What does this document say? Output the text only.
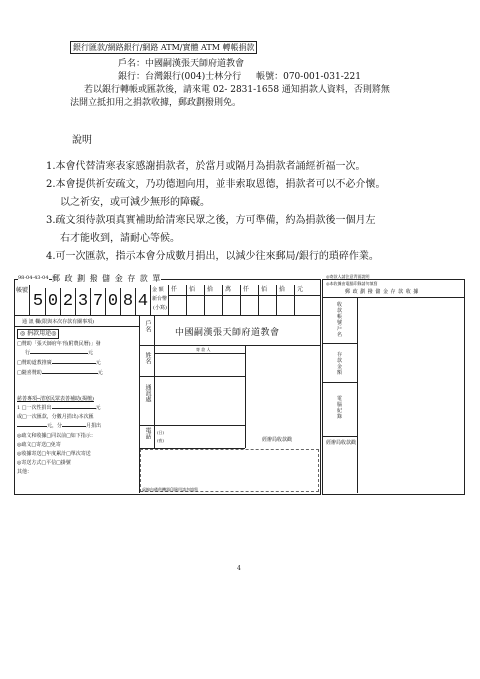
銀行匯款/網路銀行/網路 ATM/實體 ATM 轉帳捐款
戶名：中國嗣漢張天師府道教會
銀行：台灣銀行(004)士林分行 帳號：070-001-031-221
若以銀行轉帳或匯款後，請來電 02- 2831-1658 通知捐款人資料，否則將無
法開立抵扣用之捐款收據，郵政劃撥則免。
說明
1.本會代替清寒表家感謝捐款者，於當月或隔月為捐款者誦經祈福一次。
2.本會提供祈安疏文，乃功德迴向用，並非索取恩德，捐款者可以不必介懷。
以之祈安，或可減少無形的障礙。
3.疏文須待款項真實補助給清寒民眾之後，方可準備，約為捐款後一個月左
右才能收到，請耐心等候。
4.可一次匯款，指示本會分成數月捐出，以減少往來郵局/銀行的瑣碎作業。
98-04-43-04 郵 政 劃 撥 儲 金 存 款 單
帳號
5 0 2 3 7 0 8 4
金 額
新台幣
(小寫)
仟 佰 拾 萬 仟 佰 拾 元
通 訊 欄(限與本次存款有關事項)
◎ 捐款用途◎
□贊助「張天師府年刊(附農民曆)」發
行	元
□贊助道教推廣	元
□隨喜贊助	元
慈善專項─清寒民眾表善補助(揭檀)
1 □一次性捐出	元
或□一次匯款，分數月捐出)本次匯
元，分	月捐出
◎疏文和收據□同以前□如下指示：
◎疏文□寄送□免寄
◎收據寄送□年度累計□單次寄送
◎寄送方式□平信□掛號
其他：
戶名
中國嗣漢張天師府道教會
寄 款 人
姓名
通訊處
電話 (日)
(夜)	經辦局收款戳
虛線內備供機器印錄用請勿填寫
◎寄款人請注意背面說明
◎本收據由電腦印錄請勿填寫
郵 政 劃 撥 儲 金 存 款 收 據
收款帳號戶名
存款金額
電腦紀錄
經辦局收款戳
4
